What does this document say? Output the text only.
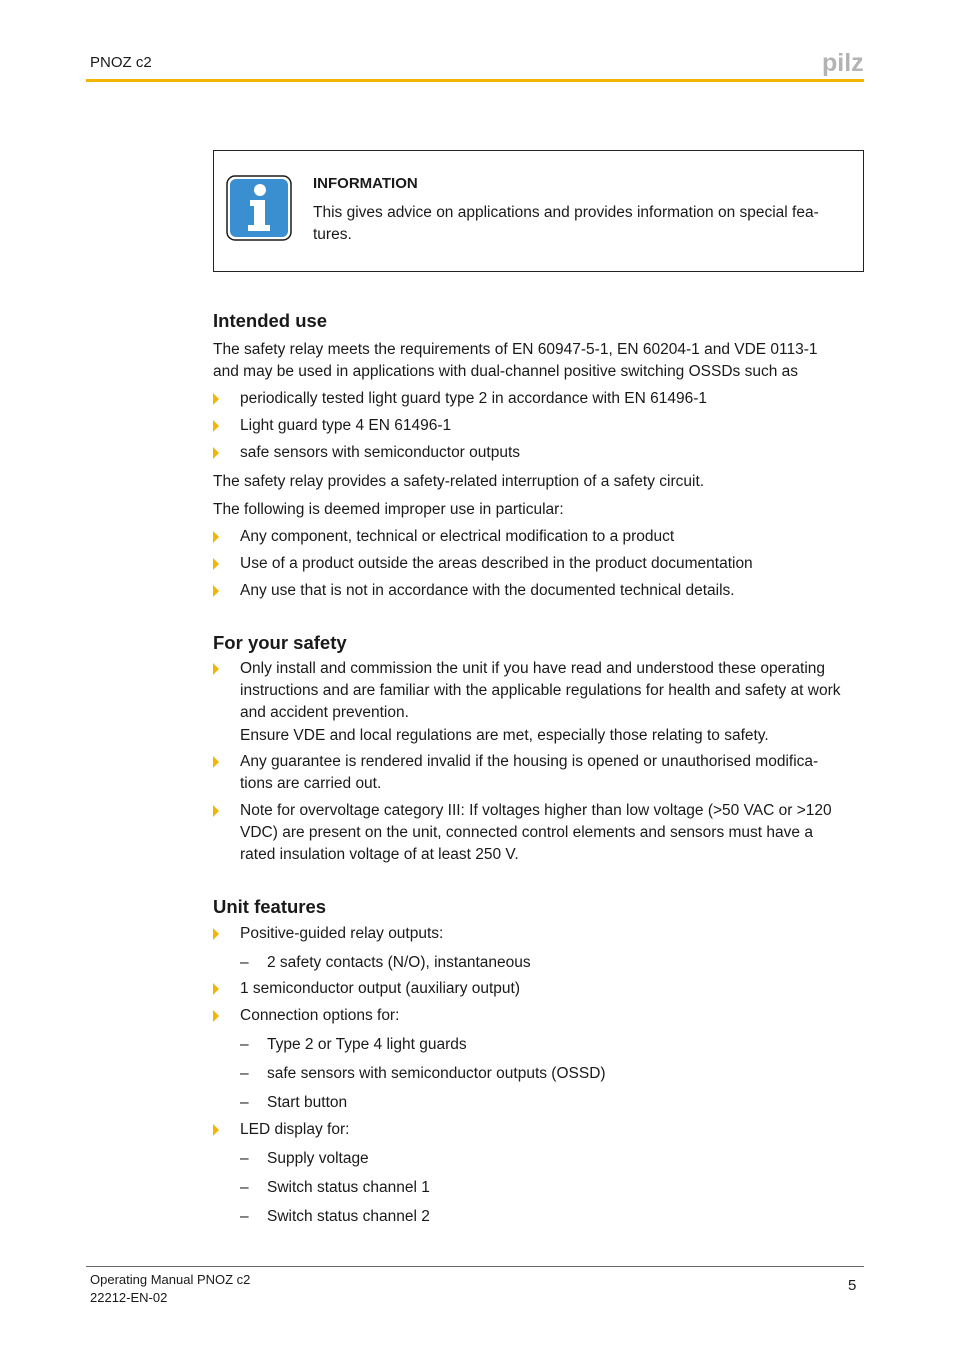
PNOZ c2	pilz
INFORMATION
This gives advice on applications and provides information on special fea-
tures.
Intended use
The safety relay meets the requirements of EN 60947-5-1, EN 60204-1 and VDE 0113-1
and may be used in applications with dual-channel positive switching OSSDs such as
periodically tested light guard type 2 in accordance with EN 61496-1
Light guard type 4 EN 61496-1
safe sensors with semiconductor outputs
The safety relay provides a safety-related interruption of a safety circuit.
The following is deemed improper use in particular:
Any component, technical or electrical modification to a product
Use of a product outside the areas described in the product documentation
Any use that is not in accordance with the documented technical details.
For your safety
Only install and commission the unit if you have read and understood these operating
instructions and are familiar with the applicable regulations for health and safety at work
and accident prevention.
Ensure VDE and local regulations are met, especially those relating to safety.
Any guarantee is rendered invalid if the housing is opened or unauthorised modifica-
tions are carried out.
Note for overvoltage category III: If voltages higher than low voltage (>50 VAC or >120
VDC) are present on the unit, connected control elements and sensors must have a
rated insulation voltage of at least 250 V.
Unit features
Positive-guided relay outputs:
– 2 safety contacts (N/O), instantaneous
1 semiconductor output (auxiliary output)
Connection options for:
– Type 2 or Type 4 light guards
– safe sensors with semiconductor outputs (OSSD)
– Start button
LED display for:
– Supply voltage
– Switch status channel 1
– Switch status channel 2
Operating Manual PNOZ c2
22212-EN-02
5
